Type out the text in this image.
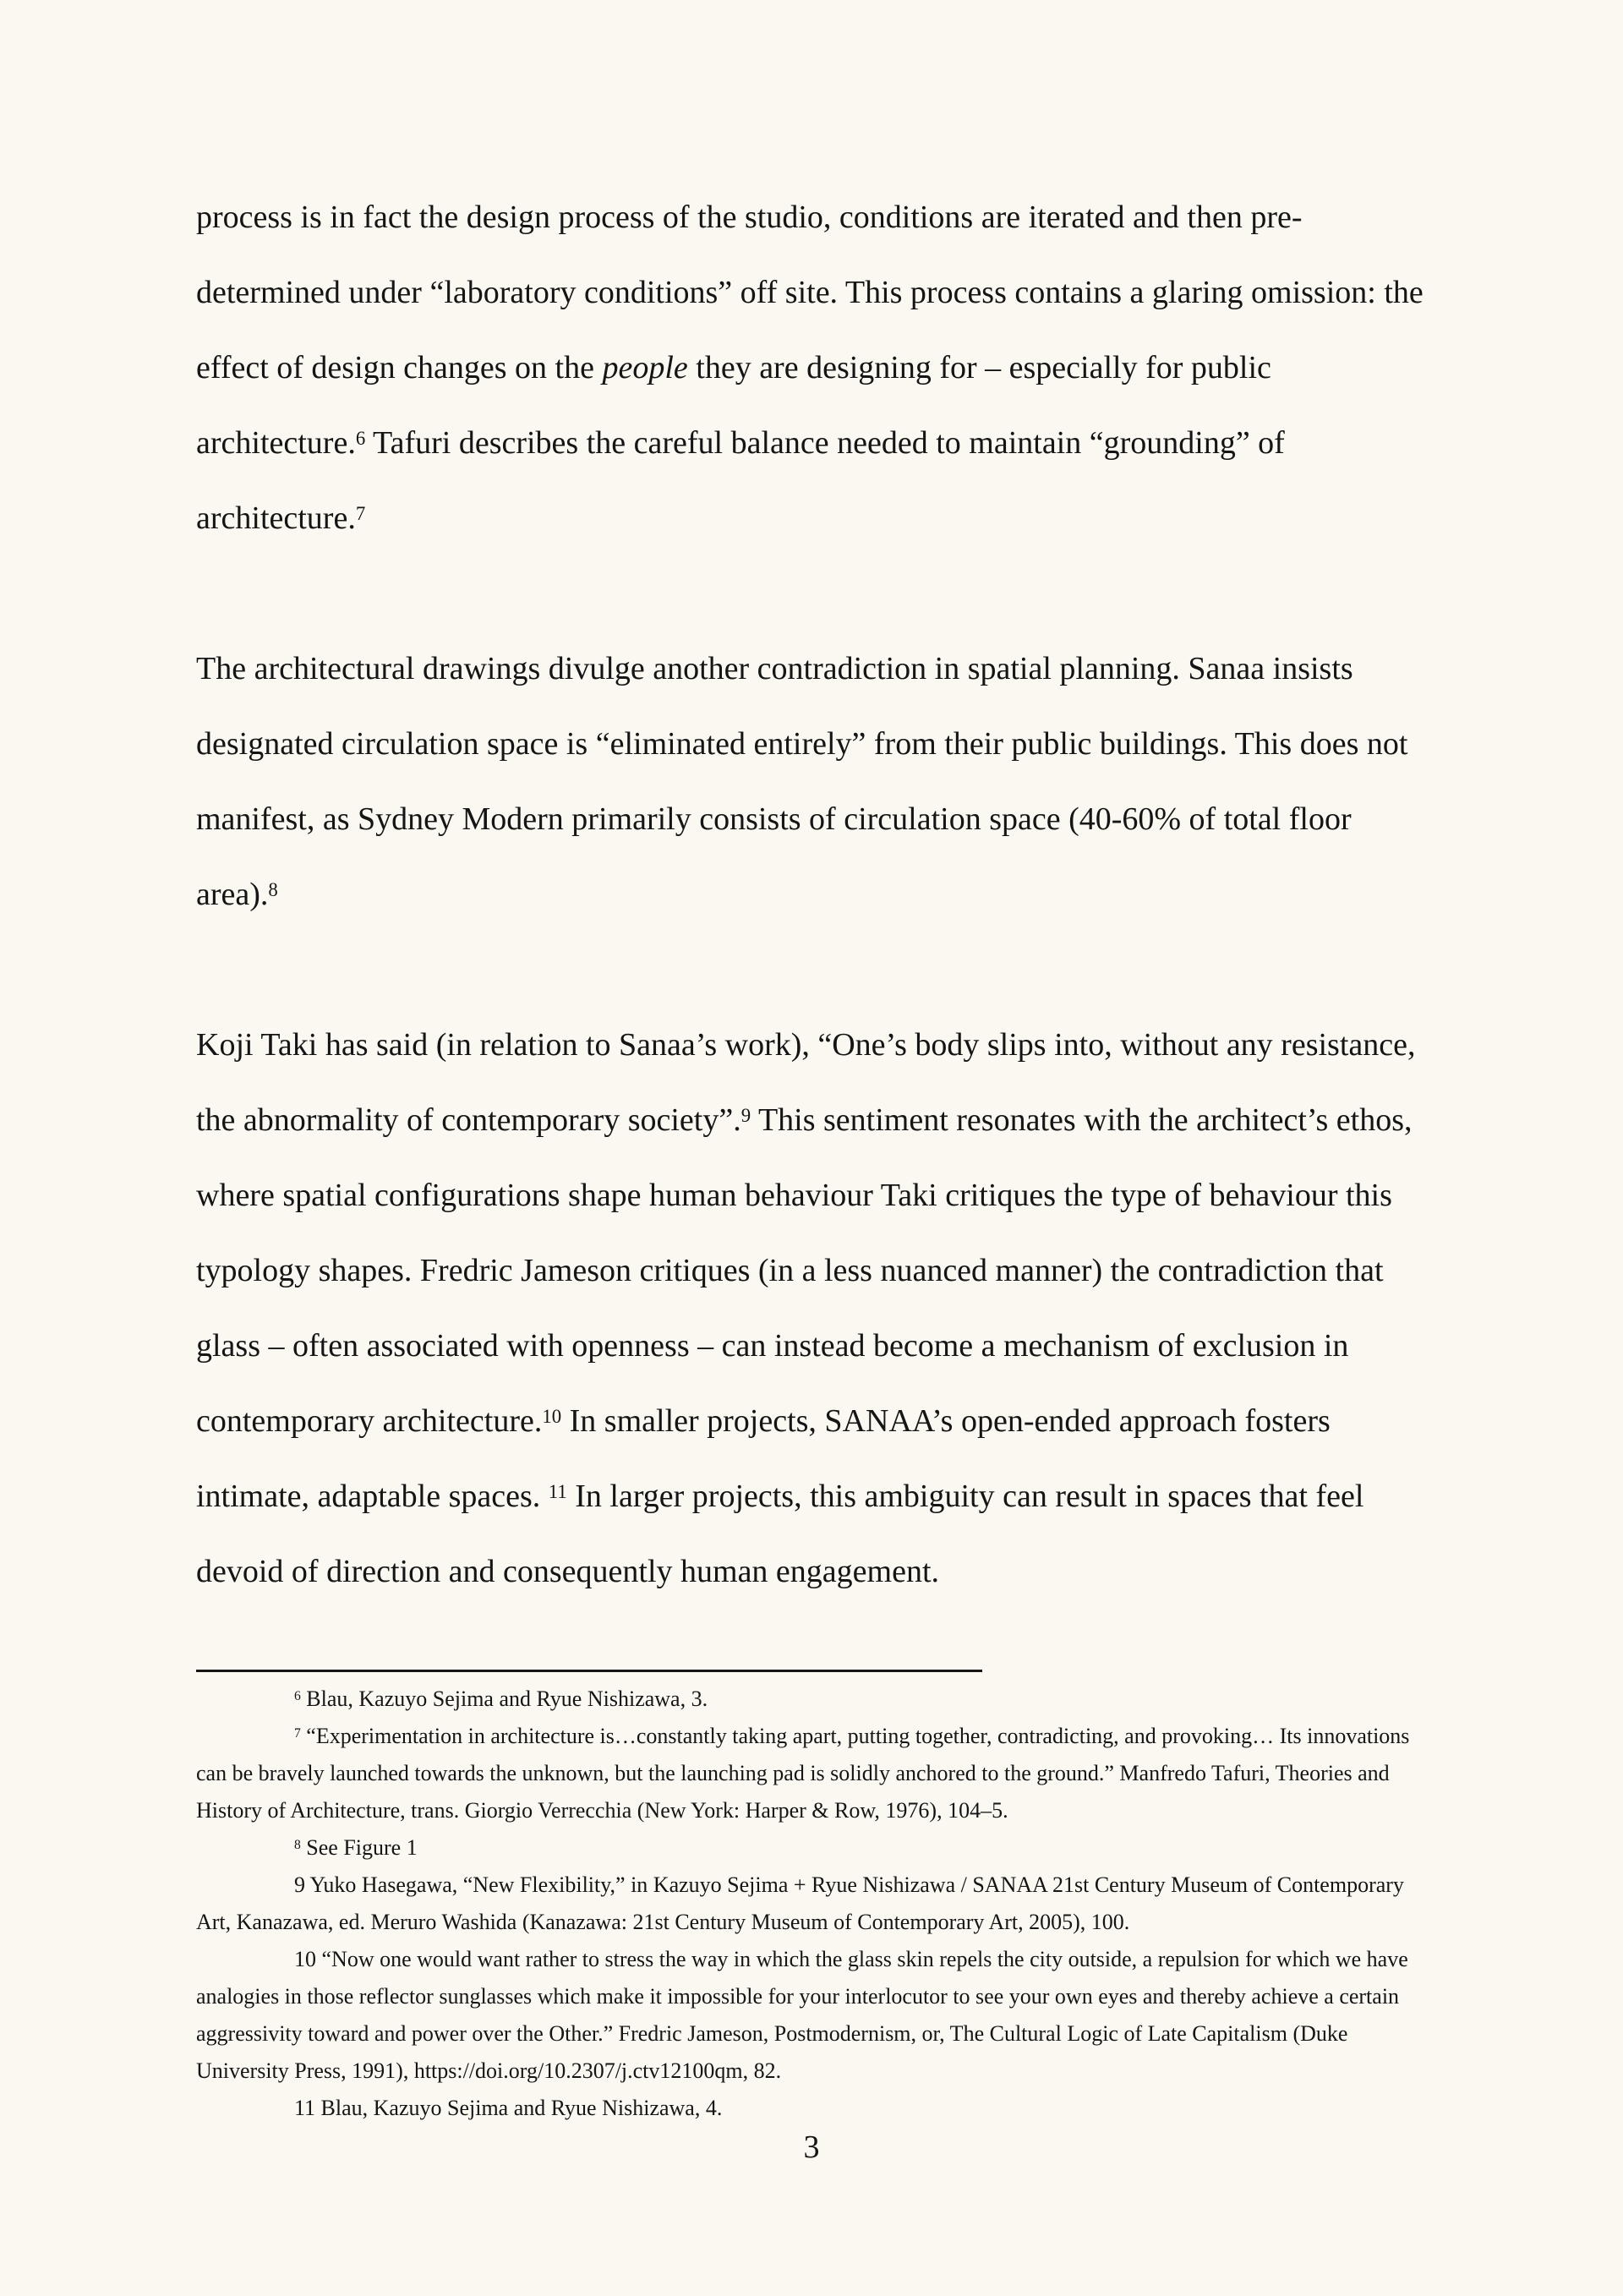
process is in fact the design process of the studio, conditions are iterated and then pre-determined under “laboratory conditions” off site. This process contains a glaring omission: the effect of design changes on the people they are designing for – especially for public architecture.$^6$ Tafuri describes the careful balance needed to maintain “grounding” of architecture.$^7$

The architectural drawings divulge another contradiction in spatial planning. Sanaa insists designated circulation space is “eliminated entirely” from their public buildings. This does not manifest, as Sydney Modern primarily consists of circulation space (40-60% of total floor area).$^8$

Koji Taki has said (in relation to Sanaa’s work), “One’s body slips into, without any resistance, the abnormality of contemporary society”.$^9$ This sentiment resonates with the architect’s ethos, where spatial configurations shape human behaviour Taki critiques the type of behaviour this typology shapes. Fredric Jameson critiques (in a less nuanced manner) the contradiction that glass – often associated with openness – can instead become a mechanism of exclusion in contemporary architecture.$^{10}$ In smaller projects, SANAA’s open-ended approach fosters intimate, adaptable spaces. $^{11}$ In larger projects, this ambiguity can result in spaces that feel devoid of direction and consequently human engagement.

$^6$ Blau, Kazuyo Sejima and Ryue Nishizawa, 3.

$^7$ “Experimentation in architecture is…constantly taking apart, putting together, contradicting, and provoking… Its innovations can be bravely launched towards the unknown, but the launching pad is solidly anchored to the ground.” Manfredo Tafuri, Theories and History of Architecture, trans. Giorgio Verrecchia (New York: Harper & Row, 1976), 104–5.

$^8$ See Figure 1

9 Yuko Hasegawa, “New Flexibility,” in Kazuyo Sejima + Ryue Nishizawa / SANAA 21st Century Museum of Contemporary Art, Kanazawa, ed. Meruro Washida (Kanazawa: 21st Century Museum of Contemporary Art, 2005), 100.

10 “Now one would want rather to stress the way in which the glass skin repels the city outside, a repulsion for which we have analogies in those reflector sunglasses which make it impossible for your interlocutor to see your own eyes and thereby achieve a certain aggressivity toward and power over the Other.” Fredric Jameson, Postmodernism, or, The Cultural Logic of Late Capitalism (Duke University Press, 1991), https://doi.org/10.2307/j.ctv12100qm, 82.

11 Blau, Kazuyo Sejima and Ryue Nishizawa, 4.

3
